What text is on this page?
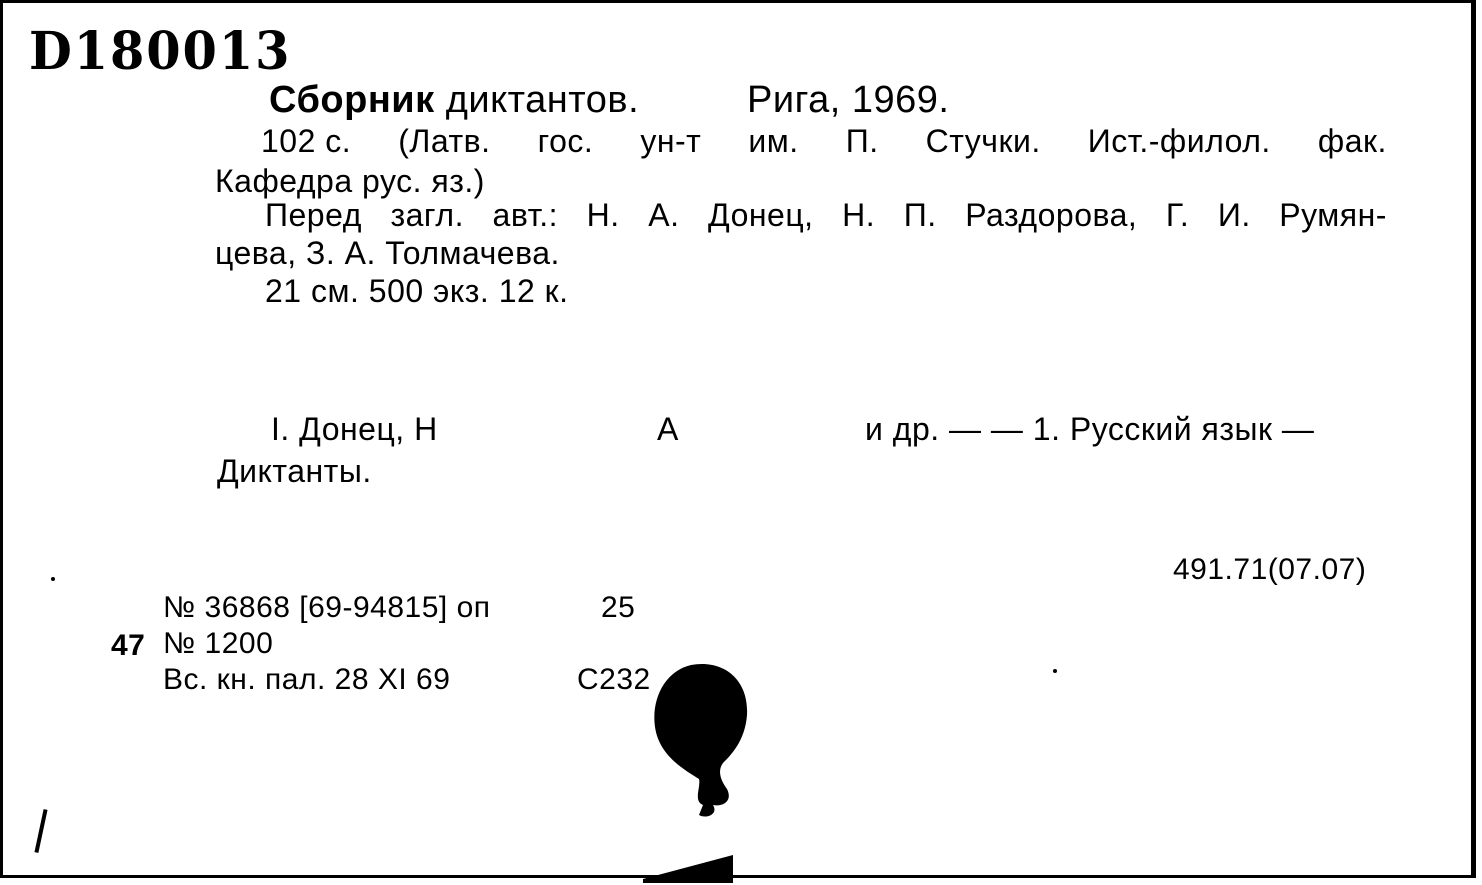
D180013
Сборник диктантов.	Рига, 1969.
102 с. (Латв. гос. ун-т им. П. Стучки. Ист.-филол. фак.
Кафедра рус. яз.)
Перед загл. авт.: Н. А. Донец, Н. П. Раздорова, Г. И. Румян-
цева, З. А. Толмачева.
21 см. 500 экз. 12 к.
I. Донец, Н	А	и др. — — 1. Русский язык —
Диктанты.
491.71(07.07)
№ 36868 [69-94815] оп	25
47 № 1200
Вс. кн. пал. 28 XI 69	С232
